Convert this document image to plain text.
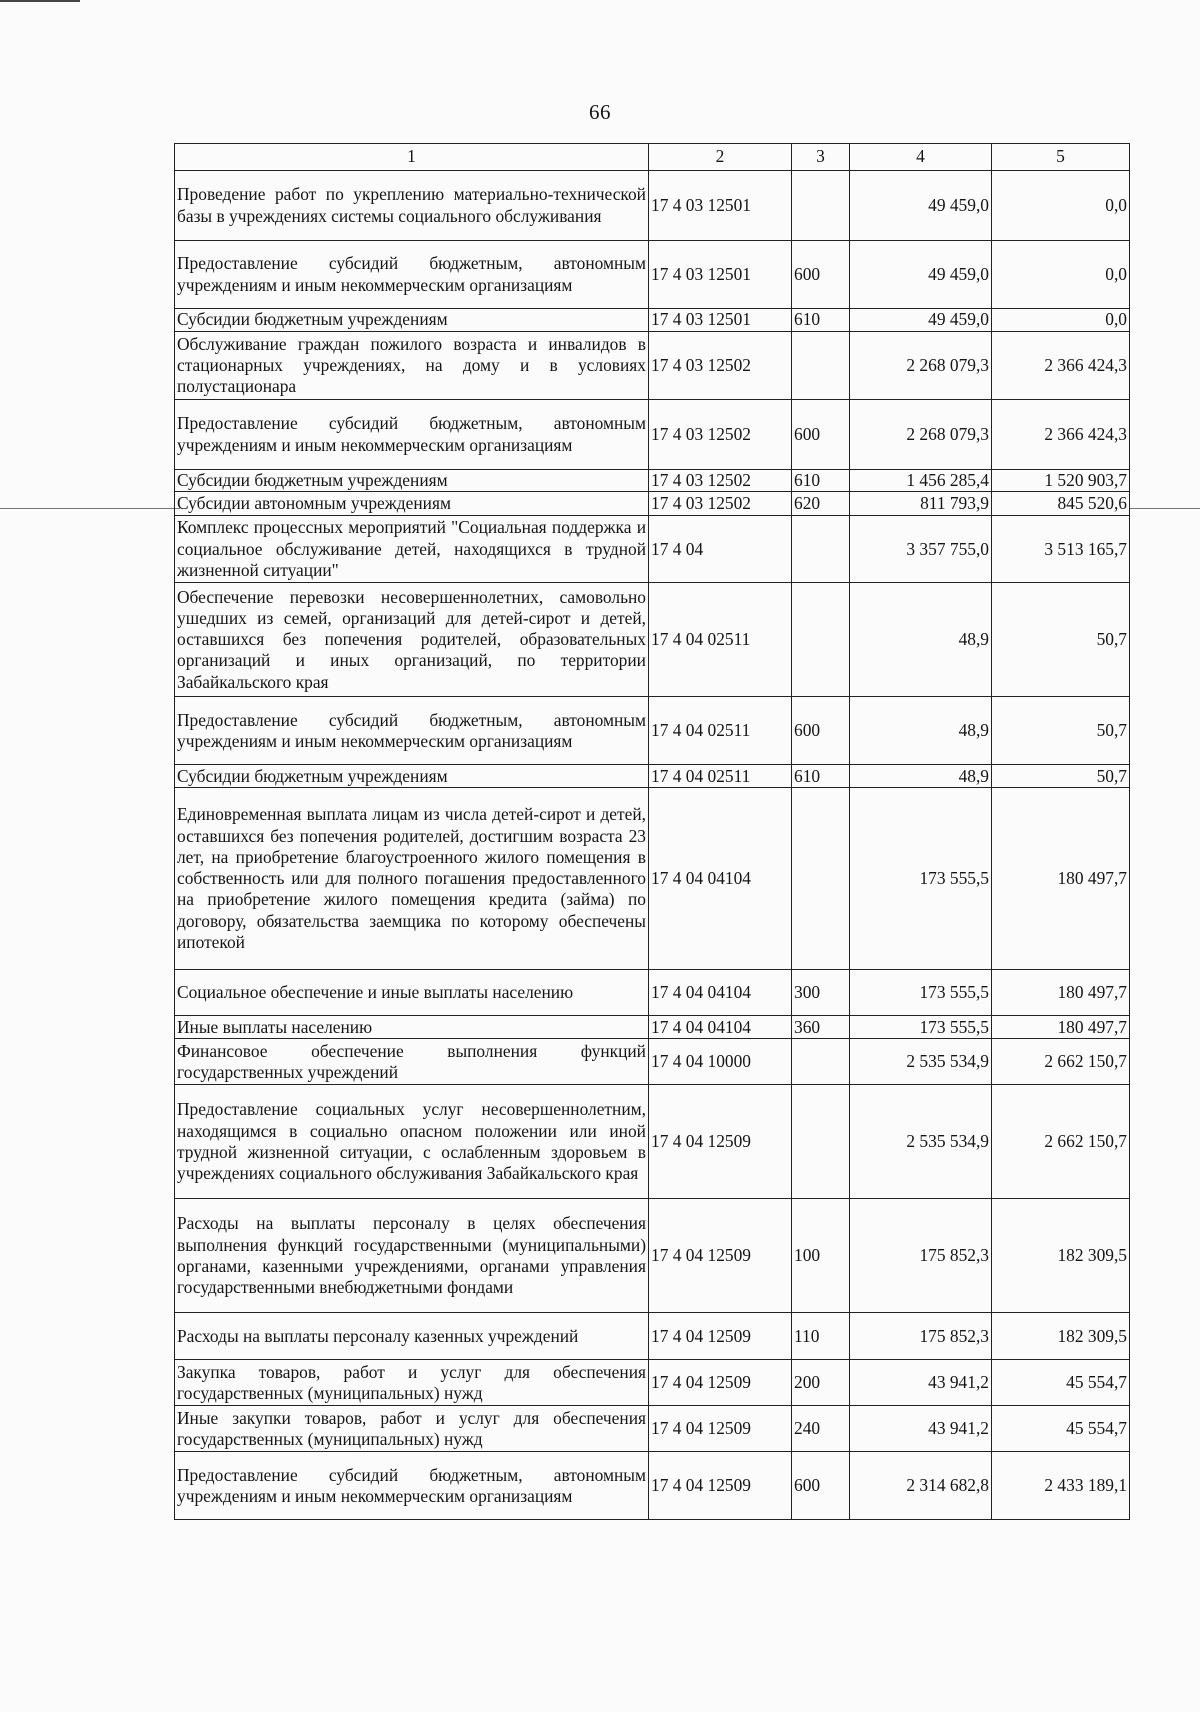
66
1	2	3	4	5
Проведение работ по укреплению материально-технической базы в учреждениях системы социального обслуживания	17 4 03 12501		49 459,0	0,0
Предоставление субсидий бюджетным, автономным учреждениям и иным некоммерческим организациям	17 4 03 12501	600	49 459,0	0,0
Субсидии бюджетным учреждениям	17 4 03 12501	610	49 459,0	0,0
Обслуживание граждан пожилого возраста и инвалидов в стационарных учреждениях, на дому и в условиях полустационара	17 4 03 12502		2 268 079,3	2 366 424,3
Предоставление субсидий бюджетным, автономным учреждениям и иным некоммерческим организациям	17 4 03 12502	600	2 268 079,3	2 366 424,3
Субсидии бюджетным учреждениям	17 4 03 12502	610	1 456 285,4	1 520 903,7
Субсидии автономным учреждениям	17 4 03 12502	620	811 793,9	845 520,6
Комплекс процессных мероприятий "Социальная поддержка и социальное обслуживание детей, находящихся в трудной жизненной ситуации"	17 4 04		3 357 755,0	3 513 165,7
Обеспечение перевозки несовершеннолетних, самовольно ушедших из семей, организаций для детей-сирот и детей, оставшихся без попечения родителей, образовательных организаций и иных организаций, по территории Забайкальского края	17 4 04 02511		48,9	50,7
Предоставление субсидий бюджетным, автономным учреждениям и иным некоммерческим организациям	17 4 04 02511	600	48,9	50,7
Субсидии бюджетным учреждениям	17 4 04 02511	610	48,9	50,7
Единовременная выплата лицам из числа детей-сирот и детей, оставшихся без попечения родителей, достигшим возраста 23 лет, на приобретение благоустроенного жилого помещения в собственность или для полного погашения предоставленного на приобретение жилого помещения кредита (займа) по договору, обязательства заемщика по которому обеспечены ипотекой	17 4 04 04104		173 555,5	180 497,7
Социальное обеспечение и иные выплаты населению	17 4 04 04104	300	173 555,5	180 497,7
Иные выплаты населению	17 4 04 04104	360	173 555,5	180 497,7
Финансовое обеспечение выполнения функций государственных учреждений	17 4 04 10000		2 535 534,9	2 662 150,7
Предоставление социальных услуг несовершеннолетним, находящимся в социально опасном положении или иной трудной жизненной ситуации, с ослабленным здоровьем в учреждениях социального обслуживания Забайкальского края	17 4 04 12509		2 535 534,9	2 662 150,7
Расходы на выплаты персоналу в целях обеспечения выполнения функций государственными (муниципальными) органами, казенными учреждениями, органами управления государственными внебюджетными фондами	17 4 04 12509	100	175 852,3	182 309,5
Расходы на выплаты персоналу казенных учреждений	17 4 04 12509	110	175 852,3	182 309,5
Закупка товаров, работ и услуг для обеспечения государственных (муниципальных) нужд	17 4 04 12509	200	43 941,2	45 554,7
Иные закупки товаров, работ и услуг для обеспечения государственных (муниципальных) нужд	17 4 04 12509	240	43 941,2	45 554,7
Предоставление субсидий бюджетным, автономным учреждениям и иным некоммерческим организациям	17 4 04 12509	600	2 314 682,8	2 433 189,1
